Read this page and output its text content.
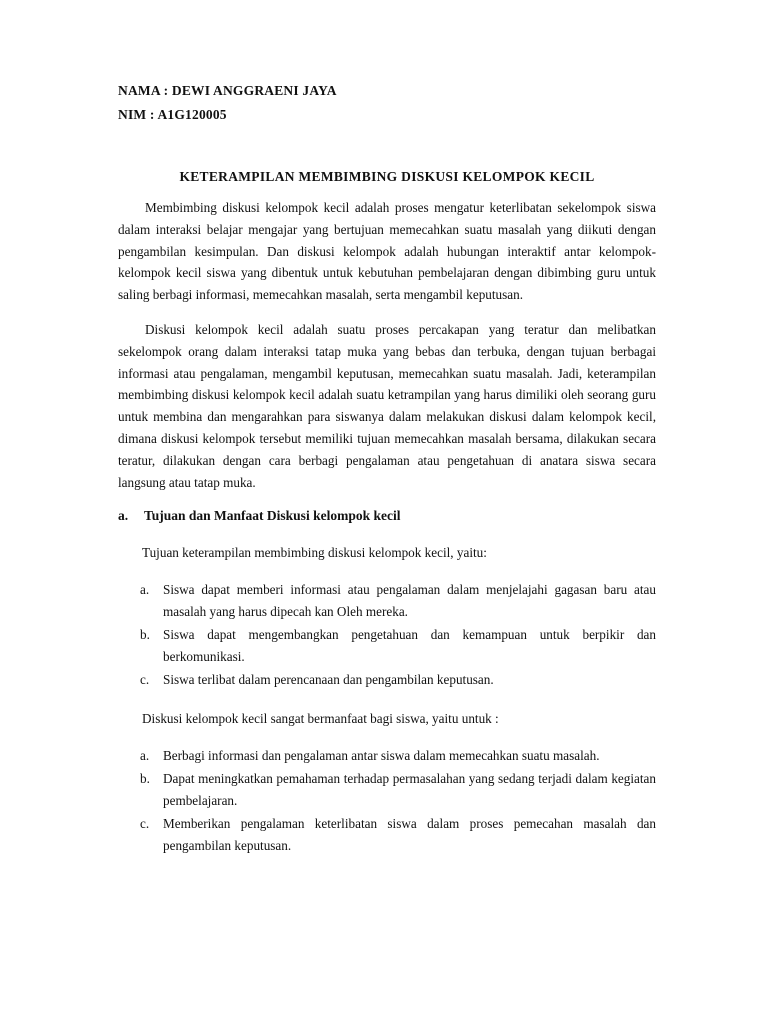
NAMA : DEWI ANGGRAENI JAYA
NIM : A1G120005
KETERAMPILAN MEMBIMBING DISKUSI KELOMPOK KECIL

Membimbing diskusi kelompok kecil adalah proses mengatur keterlibatan sekelompok siswa dalam interaksi belajar mengajar yang bertujuan memecahkan suatu masalah yang diikuti dengan pengambilan kesimpulan. Dan diskusi kelompok adalah hubungan interaktif antar kelompok-kelompok kecil siswa yang dibentuk untuk kebutuhan pembelajaran dengan dibimbing guru untuk saling berbagi informasi, memecahkan masalah, serta mengambil keputusan.

Diskusi kelompok kecil adalah suatu proses percakapan yang teratur dan melibatkan sekelompok orang dalam interaksi tatap muka yang bebas dan terbuka, dengan tujuan berbagai informasi atau pengalaman, mengambil keputusan, memecahkan suatu masalah. Jadi, keterampilan membimbing diskusi kelompok kecil adalah suatu ketrampilan yang harus dimiliki oleh seorang guru untuk membina dan mengarahkan para siswanya dalam melakukan diskusi dalam kelompok kecil, dimana diskusi kelompok tersebut memiliki tujuan memecahkan masalah bersama, dilakukan secara teratur, dilakukan dengan cara berbagi pengalaman atau pengetahuan di anatara siswa secara langsung atau tatap muka.

a.	Tujuan dan Manfaat Diskusi kelompok kecil
Tujuan keterampilan membimbing diskusi kelompok kecil, yaitu:
a.	Siswa dapat memberi informasi atau pengalaman dalam menjelajahi gagasan baru atau masalah yang harus dipecah kan Oleh mereka.
b. Siswa dapat mengembangkan pengetahuan dan kemampuan untuk berpikir dan berkomunikasi.
c.	Siswa terlibat dalam perencanaan dan pengambilan keputusan.
Diskusi kelompok kecil sangat bermanfaat bagi siswa, yaitu untuk :
a.	Berbagi informasi dan pengalaman antar siswa dalam memecahkan suatu masalah.
b. Dapat meningkatkan pemahaman terhadap permasalahan yang sedang terjadi dalam kegiatan pembelajaran.
c.	Memberikan pengalaman keterlibatan siswa dalam proses pemecahan masalah dan pengambilan keputusan.
